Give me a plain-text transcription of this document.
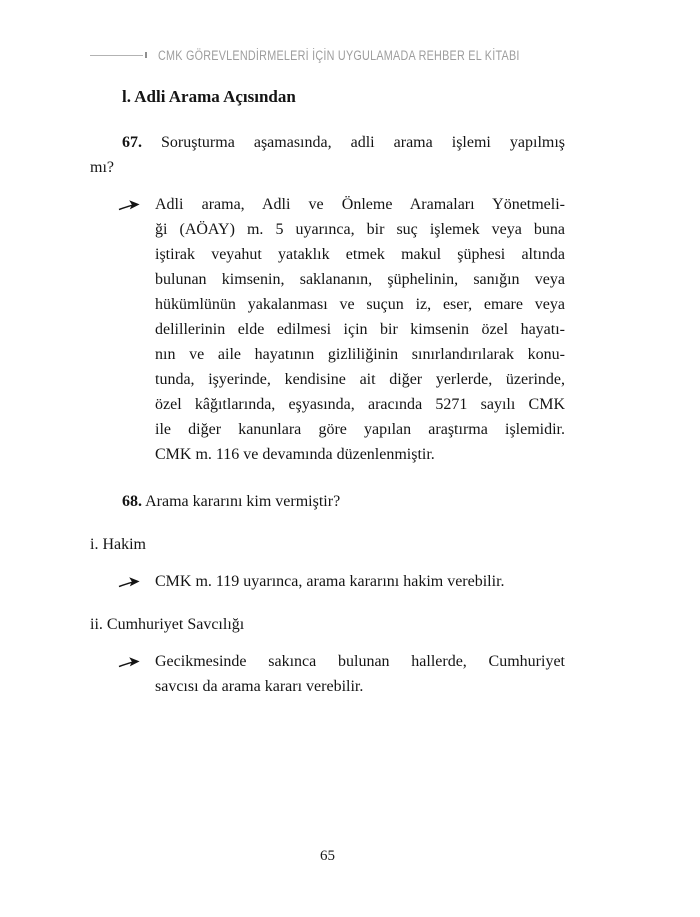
CMK GÖREVLENDİRMELERİ İÇİN UYGULAMADA REHBER EL KİTABI
l. Adli Arama Açısından
67. Soruşturma aşamasında, adli arama işlemi yapılmış
mı?
Adli arama, Adli ve Önleme Aramaları Yönetmeli-
ği (AÖAY) m. 5 uyarınca, bir suç işlemek veya buna
iştirak veyahut yataklık etmek makul şüphesi altında
bulunan kimsenin, saklananın, şüphelinin, sanığın veya
hükümlünün yakalanması ve suçun iz, eser, emare veya
delillerinin elde edilmesi için bir kimsenin özel hayatı-
nın ve aile hayatının gizliliğinin sınırlandırılarak konu-
tunda, işyerinde, kendisine ait diğer yerlerde, üzerinde,
özel kâğıtlarında, eşyasında, aracında 5271 sayılı CMK
ile diğer kanunlara göre yapılan araştırma işlemidir.
CMK m. 116 ve devamında düzenlenmiştir.
68. Arama kararını kim vermiştir?
i. Hakim
CMK m. 119 uyarınca, arama kararını hakim verebilir.
ii. Cumhuriyet Savcılığı
Gecikmesinde sakınca bulunan hallerde, Cumhuriyet
savcısı da arama kararı verebilir.
65
